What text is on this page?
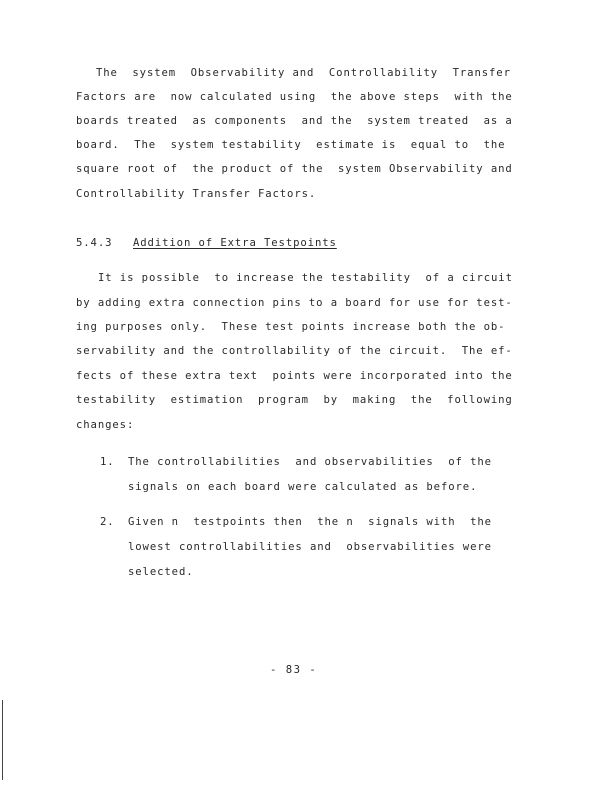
The  system  Observability and  Controllability  Transfer
Factors are  now calculated using  the above steps  with the
boards treated  as components  and the  system treated  as a
board.  The  system testability  estimate is  equal to  the
square root of  the product of the  system Observability and
Controllability Transfer Factors.
5.4.3 Addition of Extra Testpoints
It is possible  to increase the testability  of a circuit
by adding extra connection pins to a board for use for test-
ing purposes only.  These test points increase both the ob-
servability and the controllability of the circuit.  The ef-
fects of these extra text  points were incorporated into the
testability  estimation  program  by  making  the  following
changes:
1. The controllabilities  and observabilities  of the
signals on each board were calculated as before.
2. Given n  testpoints then  the n  signals with  the
lowest controllabilities and  observabilities were
selected.
- 83 -
